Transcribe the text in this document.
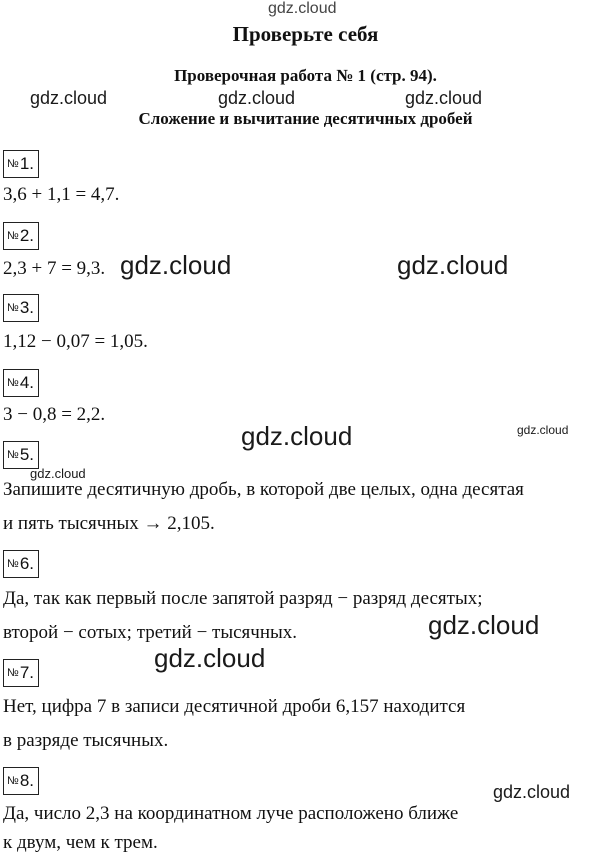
gdz.cloud
Проверьте себя
Проверочная работа № 1 (стр. 94).
gdz.cloud	gdz.cloud	gdz.cloud
Сложение и вычитание десятичных дробей
№1.
3,6 + 1,1 = 4,7.
№2.
2,3 + 7 = 9,3. gdz.cloud	gdz.cloud
№3.
1,12 − 0,07 = 1,05.
№4.
3 − 0,8 = 2,2.
gdz.cloud	gdz.cloud
№5.
gdz.cloud
Запишите десятичную дробь, в которой две целых, одна десятая
и пять тысячных → 2,105.
№6.
Да, так как первый после запятой разряд − разряд десятых;
второй − сотых; третий − тысячных.	gdz.cloud
№7.	gdz.cloud
Нет, цифра 7 в записи десятичной дроби 6,157 находится
в разряде тысячных.
№8.
gdz.cloud
Да, число 2,3 на координатном луче расположено ближе
к двум, чем к трем.
